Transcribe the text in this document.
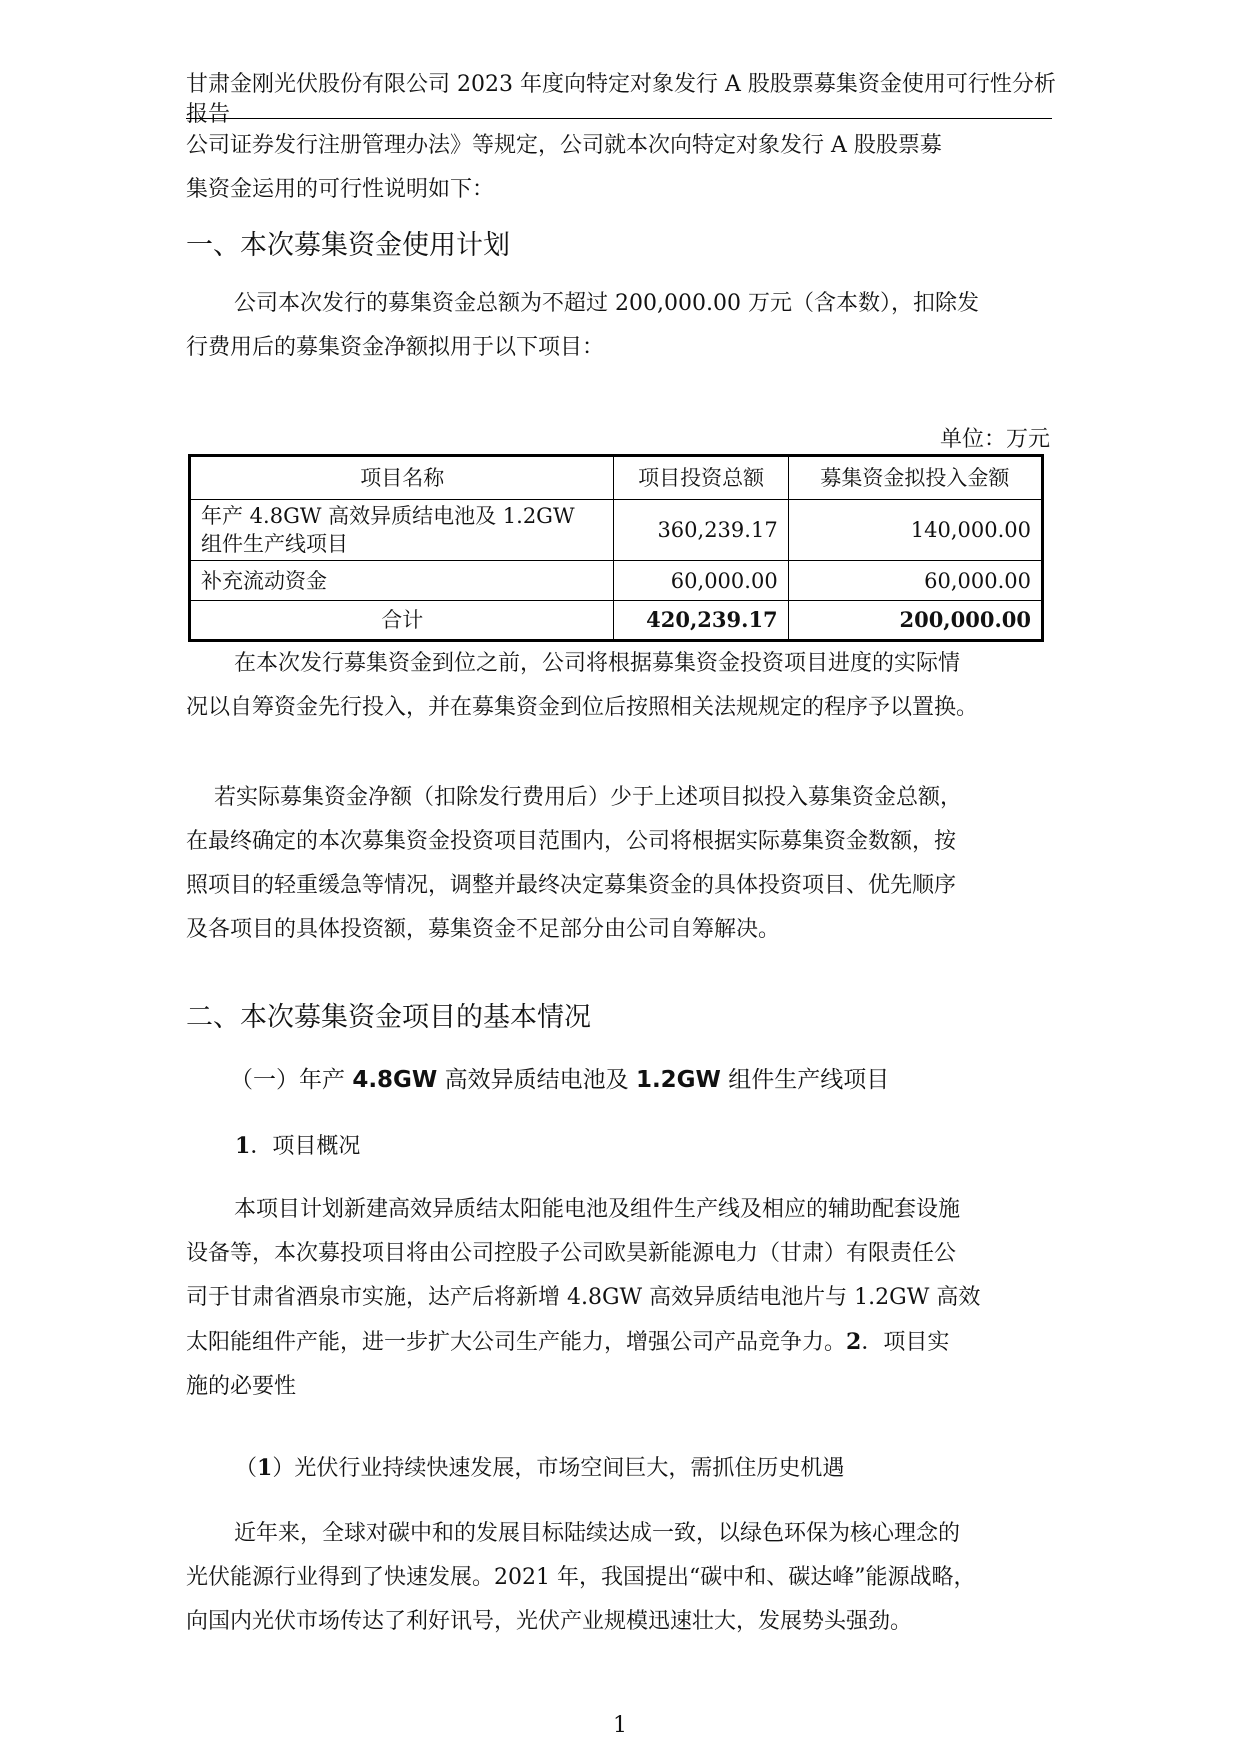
甘肃金刚光伏股份有限公司 2023 年度向特定对象发行 A 股股票募集资金使用可行性分析
报告
公司证券发行注册管理办法》等规定，公司就本次向特定对象发行 A 股股票募
集资金运用的可行性说明如下：
一、本次募集资金使用计划
公司本次发行的募集资金总额为不超过 200,000.00 万元（含本数），扣除发
行费用后的募集资金净额拟用于以下项目：
单位：万元
项目名称	项目投资总额	募集资金拟投入金额

年产 4.8GW 高效异质结电池及 1.2GW
组件生产线项目	360,239.17	140,000.00
补充流动资金	60,000.00	60,000.00
合计	420,239.17	200,000.00
在本次发行募集资金到位之前，公司将根据募集资金投资项目进度的实际情
况以自筹资金先行投入，并在募集资金到位后按照相关法规规定的程序予以置换。
若实际募集资金净额（扣除发行费用后）少于上述项目拟投入募集资金总额，
在最终确定的本次募集资金投资项目范围内，公司将根据实际募集资金数额，按
照项目的轻重缓急等情况，调整并最终决定募集资金的具体投资项目、优先顺序
及各项目的具体投资额，募集资金不足部分由公司自筹解决。
二、本次募集资金项目的基本情况
（一）年产 4.8GW 高效异质结电池及 1.2GW 组件生产线项目
1．项目概况
本项目计划新建高效异质结太阳能电池及组件生产线及相应的辅助配套设施
设备等，本次募投项目将由公司控股子公司欧昊新能源电力（甘肃）有限责任公
司于甘肃省酒泉市实施，达产后将新增 4.8GW 高效异质结电池片与 1.2GW 高效
太阳能组件产能，进一步扩大公司生产能力，增强公司产品竞争力。2．项目实
施的必要性
（1）光伏行业持续快速发展，市场空间巨大，需抓住历史机遇
近年来，全球对碳中和的发展目标陆续达成一致，以绿色环保为核心理念的
光伏能源行业得到了快速发展。2021 年，我国提出“碳中和、碳达峰”能源战略，
向国内光伏市场传达了利好讯号，光伏产业规模迅速壮大，发展势头强劲。
1
